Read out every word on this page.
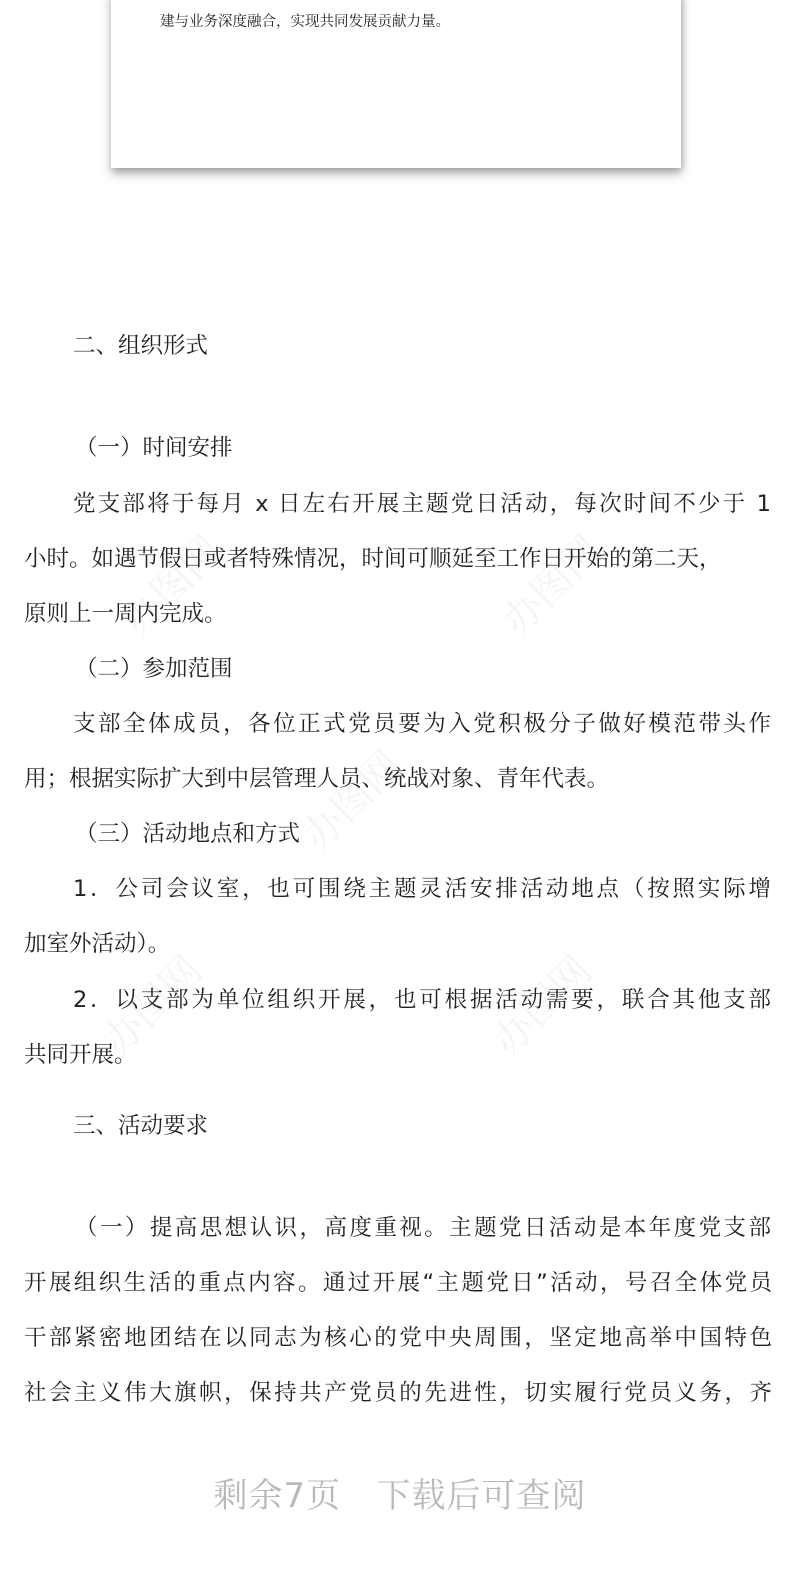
建与业务深度融合，实现共同发展贡献力量。
二、组织形式
（一）时间安排
党支部将于每月 x 日左右开展主题党日活动，每次时间不少于 1
小时。如遇节假日或者特殊情况，时间可顺延至工作日开始的第二天，
原则上一周内完成。
（二）参加范围
支部全体成员，各位正式党员要为入党积极分子做好模范带头作
用；根据实际扩大到中层管理人员、统战对象、青年代表。
（三）活动地点和方式
1．公司会议室，也可围绕主题灵活安排活动地点（按照实际增
加室外活动）。
2．以支部为单位组织开展，也可根据活动需要，联合其他支部
共同开展。
三、活动要求
（一）提高思想认识，高度重视。主题党日活动是本年度党支部
开展组织生活的重点内容。通过开展“主题党日”活动，号召全体党员
干部紧密地团结在以同志为核心的党中央周围，坚定地高举中国特色
社会主义伟大旗帜，保持共产党员的先进性，切实履行党员义务，齐
剩余7页   下载后可查阅
